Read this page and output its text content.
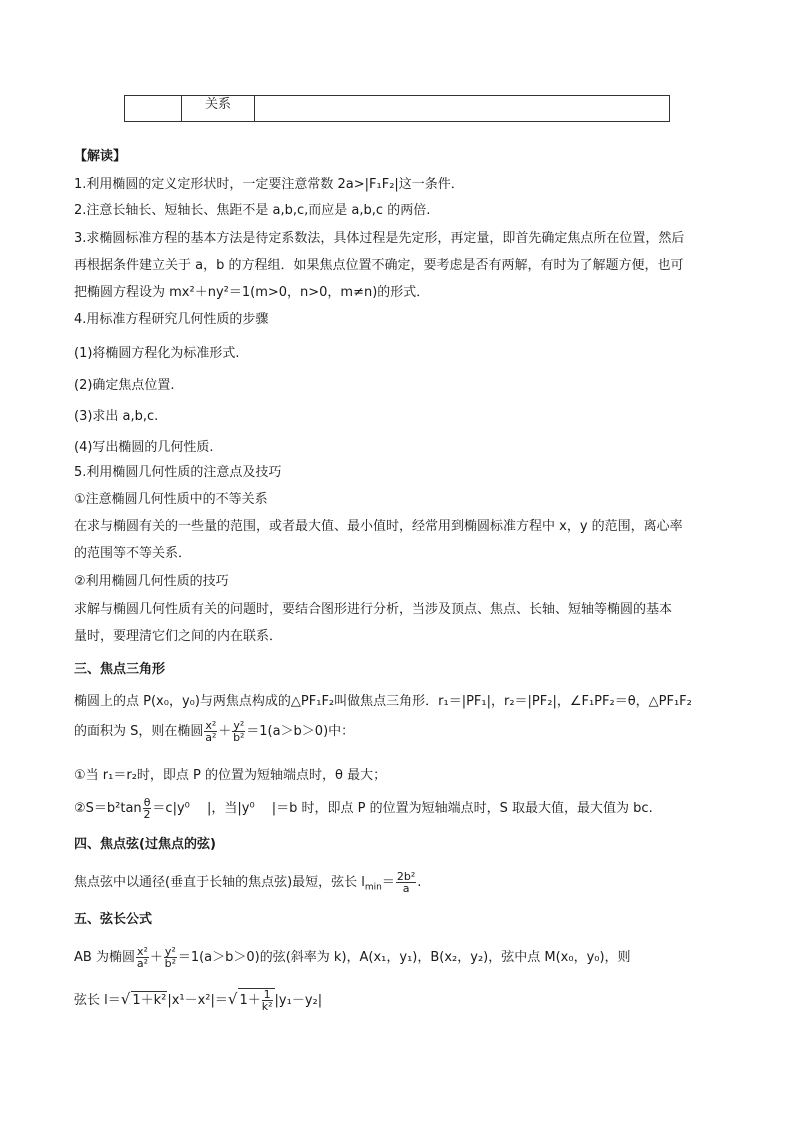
关系
【解读】
1.利用椭圆的定义定形状时，一定要注意常数 2a>|F₁F₂|这一条件．
2.注意长轴长、短轴长、焦距不是 a,b,c,而应是 a,b,c 的两倍.
3.求椭圆标准方程的基本方法是待定系数法，具体过程是先定形，再定量，即首先确定焦点所在位置，然后
再根据条件建立关于 a，b 的方程组．如果焦点位置不确定，要考虑是否有两解，有时为了解题方便，也可
把椭圆方程设为 mx²＋ny²＝1(m>0，n>0，m≠n)的形式．
4.用标准方程研究几何性质的步骤
(1)将椭圆方程化为标准形式.
(2)确定焦点位置.
(3)求出 a,b,c.
(4)写出椭圆的几何性质.
5.利用椭圆几何性质的注意点及技巧
①注意椭圆几何性质中的不等关系
在求与椭圆有关的一些量的范围，或者最大值、最小值时，经常用到椭圆标准方程中 x，y 的范围，离心率
的范围等不等关系．
②利用椭圆几何性质的技巧
求解与椭圆几何性质有关的问题时，要结合图形进行分析，当涉及顶点、焦点、长轴、短轴等椭圆的基本
量时，要理清它们之间的内在联系．
三、焦点三角形
椭圆上的点 P(x₀，y₀)与两焦点构成的△PF₁F₂叫做焦点三角形．r₁＝|PF₁|，r₂＝|PF₂|，∠F₁PF₂＝θ，△PF₁F₂
的面积为 S，则在椭圆 $\frac{\text{x²}}{\text{a²}} + \frac{\text{y²}}{\text{b²}} =1(a>b>0)$中：
①当 r₁＝r₂时，即点 P 的位置为短轴端点时，θ 最大；
②S＝b²tan $\frac{\theta}{2} =c|y^0$　 |，当|y⁰　 |＝b 时，即点 P 的位置为短轴端点时，S 取最大值，最大值为 bc.
四、焦点弦(过焦点的弦)
焦点弦中以通径(垂直于长轴的焦点弦)最短，弦长 $l_{min}= \frac{\text{2b²}}{a}$ .
五、弦长公式
AB 为椭圆 $\frac{\text{x²}}{\text{a²}} + \frac{\text{y²}}{\text{b²}} =1(a>b>0)$的弦(斜率为 k)，A(x₁，y₁)，B(x₂，y₂)，弦中点 M(x₀，y₀)，则
弦长 l＝√ 1＋k²|x¹－x²|＝√ $1+ \frac{1}{\text{k²}} |y_1-y_2|$
